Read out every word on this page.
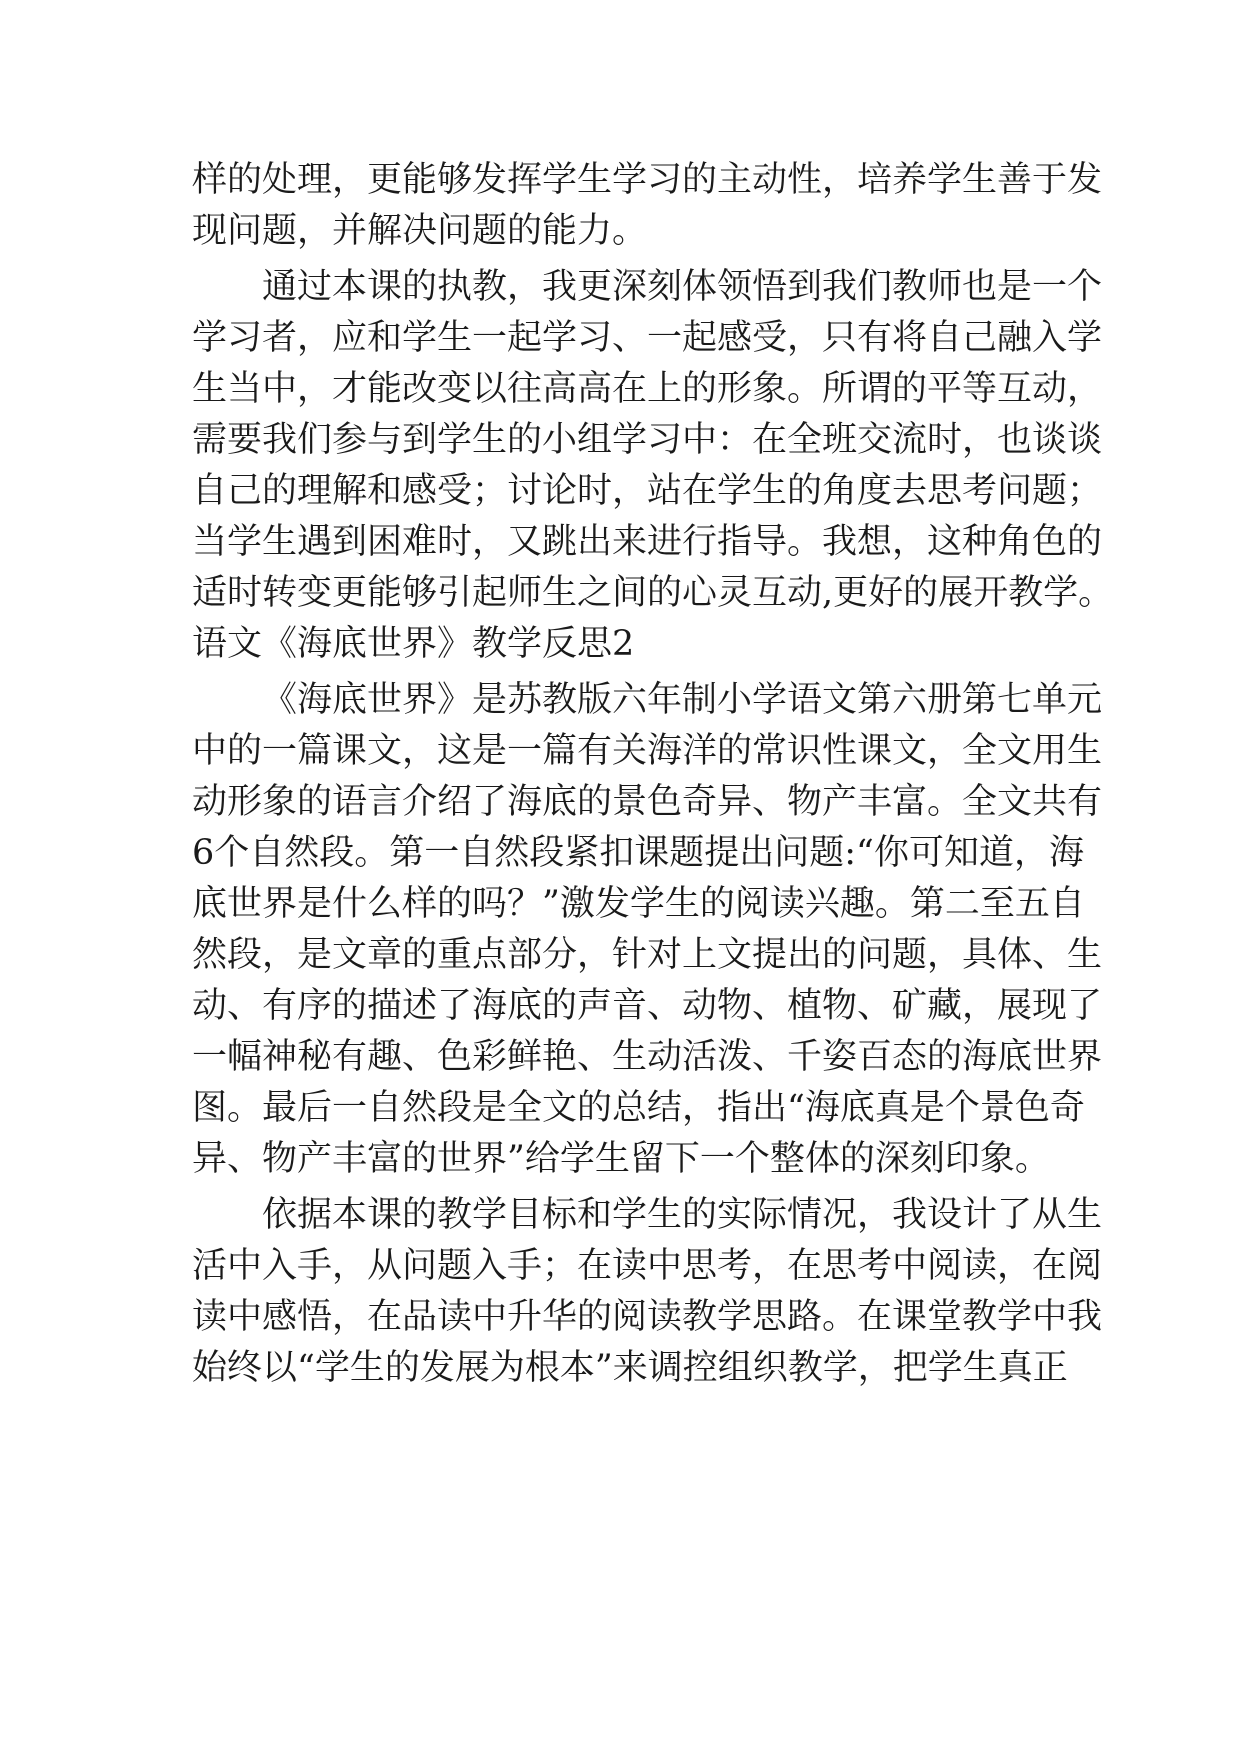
样的处理，更能够发挥学生学习的主动性，培养学生善于发
现问题，并解决问题的能力。
通过本课的执教，我更深刻体领悟到我们教师也是一个
学习者，应和学生一起学习、一起感受，只有将自己融入学
生当中，才能改变以往高高在上的形象。所谓的平等互动，
需要我们参与到学生的小组学习中：在全班交流时，也谈谈
自己的理解和感受；讨论时，站在学生的角度去思考问题；
当学生遇到困难时，又跳出来进行指导。我想，这种角色的
适时转变更能够引起师生之间的心灵互动,更好的展开教学。
语文《海底世界》教学反思2
《海底世界》是苏教版六年制小学语文第六册第七单元
中的一篇课文，这是一篇有关海洋的常识性课文，全文用生
动形象的语言介绍了海底的景色奇异、物产丰富。全文共有
6个自然段。第一自然段紧扣课题提出问题:“你可知道，海
底世界是什么样的吗？”激发学生的阅读兴趣。第二至五自
然段，是文章的重点部分，针对上文提出的问题，具体、生
动、有序的描述了海底的声音、动物、植物、矿藏，展现了
一幅神秘有趣、色彩鲜艳、生动活泼、千姿百态的海底世界
图。最后一自然段是全文的总结，指出“海底真是个景色奇
异、物产丰富的世界”给学生留下一个整体的深刻印象。
依据本课的教学目标和学生的实际情况，我设计了从生
活中入手，从问题入手；在读中思考，在思考中阅读，在阅
读中感悟，在品读中升华的阅读教学思路。在课堂教学中我
始终以“学生的发展为根本”来调控组织教学，把学生真正
